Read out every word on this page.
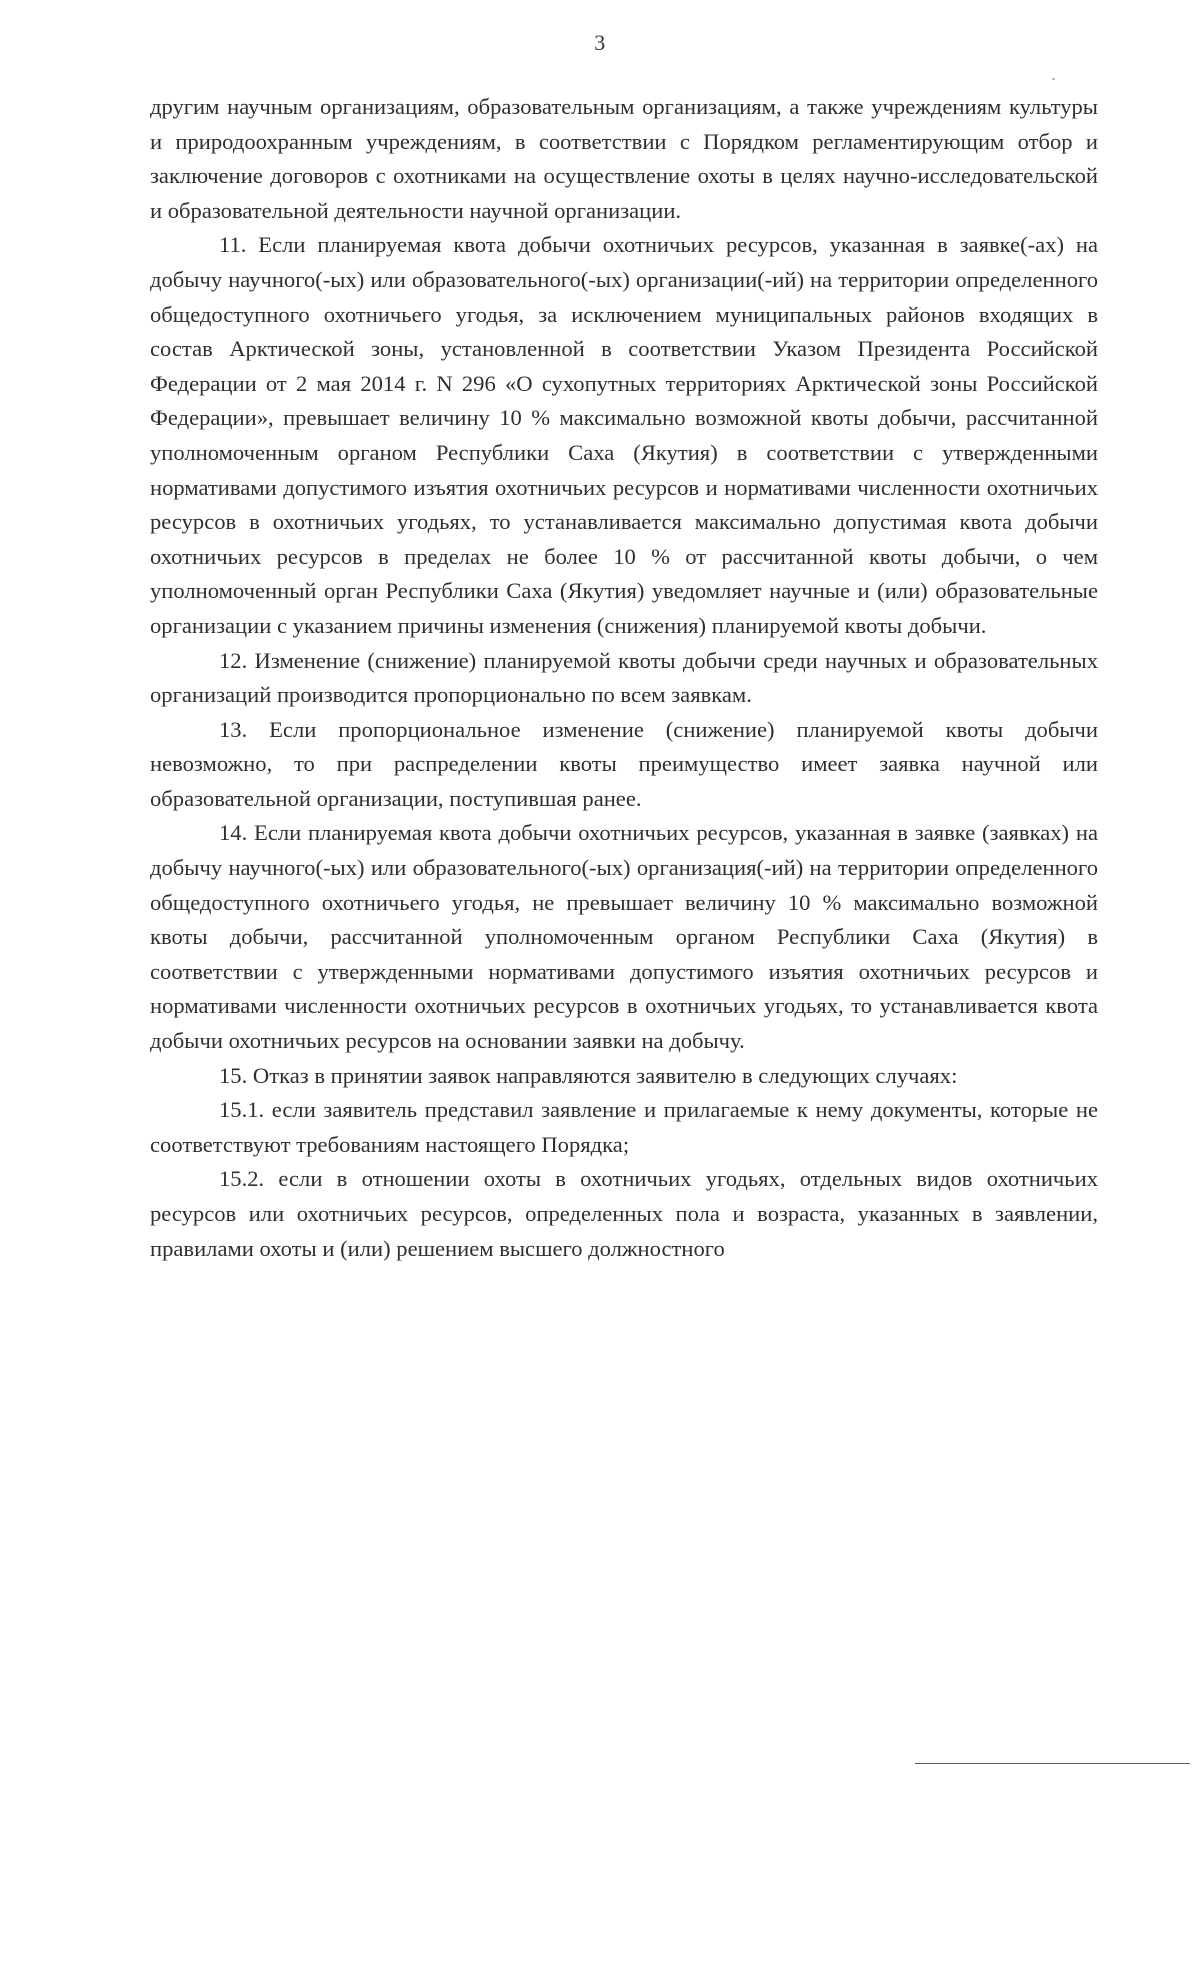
3

другим научным организациям, образовательным организациям, а также учреждениям культуры и природоохранным учреждениям, в соответствии с Порядком регламентирующим отбор и заключение договоров с охотниками на осуществление охоты в целях научно-исследовательской и образовательной деятельности научной организации.

11. Если планируемая квота добычи охотничьих ресурсов, указанная в заявке(-ах) на добычу научного(-ых) или образовательного(-ых) организации(-ий) на территории определенного общедоступного охотничьего угодья, за исключением муниципальных районов входящих в состав Арктической зоны, установленной в соответствии Указом Президента Российской Федерации от 2 мая 2014 г. N 296 «О сухопутных территориях Арктической зоны Российской Федерации», превышает величину 10 % максимально возможной квоты добычи, рассчитанной уполномоченным органом Республики Саха (Якутия) в соответствии с утвержденными нормативами допустимого изъятия охотничьих ресурсов и нормативами численности охотничьих ресурсов в охотничьих угодьях, то устанавливается максимально допустимая квота добычи охотничьих ресурсов в пределах не более 10 % от рассчитанной квоты добычи, о чем уполномоченный орган Республики Саха (Якутия) уведомляет научные и (или) образовательные организации с указанием причины изменения (снижения) планируемой квоты добычи.

12. Изменение (снижение) планируемой квоты добычи среди научных и образовательных организаций производится пропорционально по всем заявкам.

13. Если пропорциональное изменение (снижение) планируемой квоты добычи невозможно, то при распределении квоты преимущество имеет заявка научной или образовательной организации, поступившая ранее.

14. Если планируемая квота добычи охотничьих ресурсов, указанная в заявке (заявках) на добычу научного(-ых) или образовательного(-ых) организация(-ий) на территории определенного общедоступного охотничьего угодья, не превышает величину 10 % максимально возможной квоты добычи, рассчитанной уполномоченным органом Республики Саха (Якутия) в соответствии с утвержденными нормативами допустимого изъятия охотничьих ресурсов и нормативами численности охотничьих ресурсов в охотничьих угодьях, то устанавливается квота добычи охотничьих ресурсов на основании заявки на добычу.

15. Отказ в принятии заявок направляются заявителю в следующих случаях:

15.1. если заявитель представил заявление и прилагаемые к нему документы, которые не соответствуют требованиям настоящего Порядка;

15.2. если в отношении охоты в охотничьих угодьях, отдельных видов охотничьих ресурсов или охотничьих ресурсов, определенных пола и возраста, указанных в заявлении, правилами охоты и (или) решением высшего должностного
